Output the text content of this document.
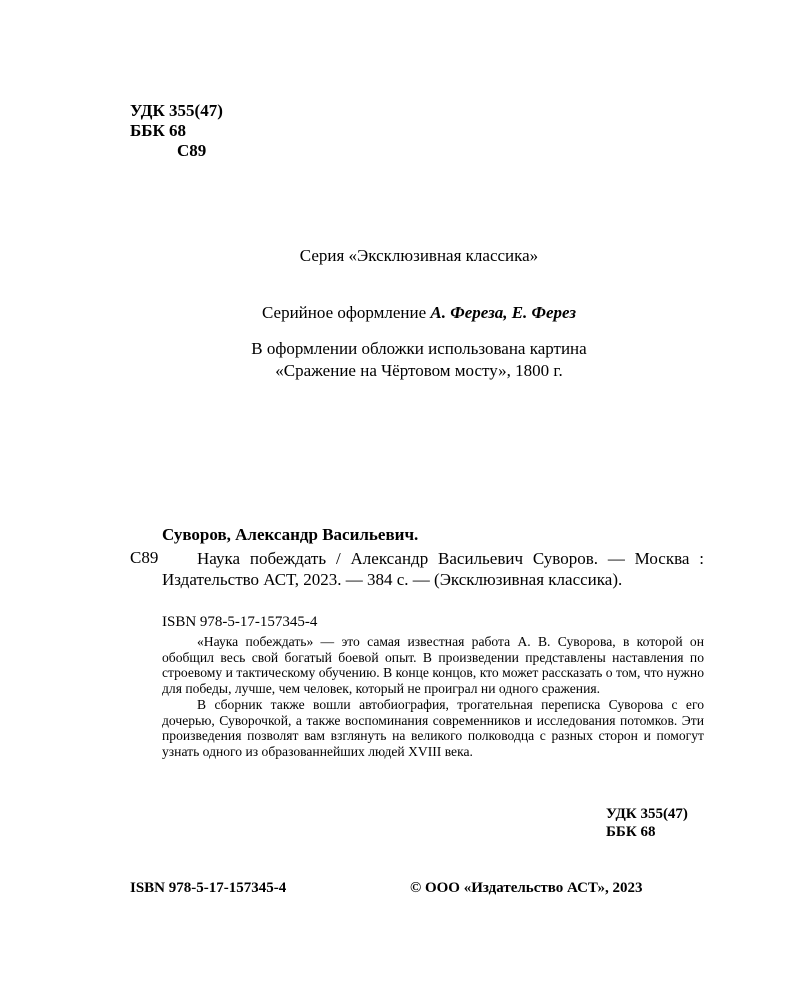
УДК 355(47)
ББК 68
С89
Серия «Эксклюзивная классика»
Серийное оформление А. Фереза, Е. Ферез
В оформлении обложки использована картина
«Сражение на Чёртовом мосту», 1800 г.
Суворов, Александр Васильевич.
С89	Наука побеждать / Александр Васильевич Суворов. — Москва : Издательство АСТ, 2023. — 384 с. — (Эксклюзивная классика).

ISBN 978-5-17-157345-4

«Наука побеждать» — это самая известная работа А. В. Суворова, в которой он обобщил весь свой богатый боевой опыт. В произведении представлены наставления по строевому и тактическому обучению. В конце концов, кто может рассказать о том, что нужно для победы, лучше, чем человек, который не проиграл ни одного сражения.

В сборник также вошли автобиография, трогательная переписка Суворова с его дочерью, Суворочкой, а также воспоминания современников и исследования потомков. Эти произведения позволят вам взглянуть на великого полководца с разных сторон и помогут узнать одного из образованнейших людей XVIII века.

УДК 355(47)
ББК 68
ISBN 978-5-17-157345-4	© ООО «Издательство АСТ», 2023
